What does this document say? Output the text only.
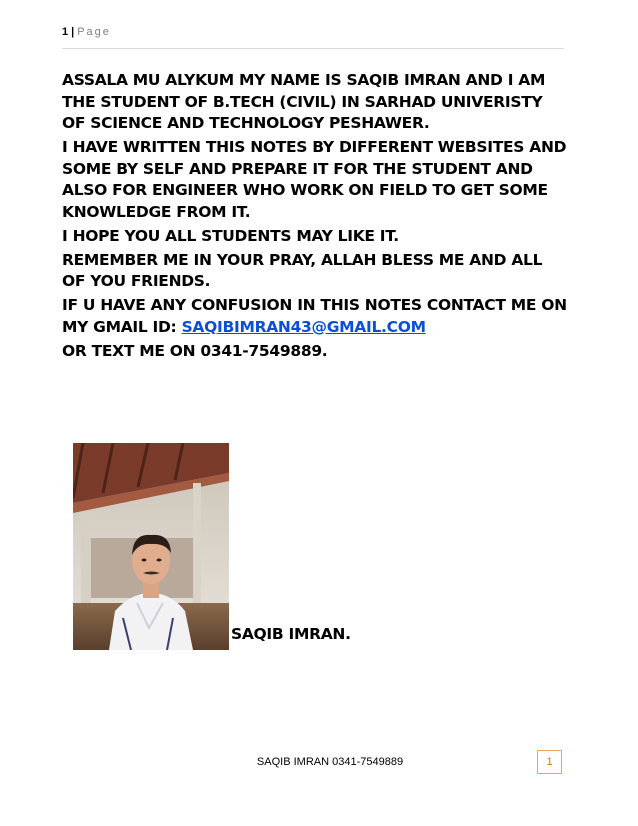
1 | Page

ASSALA MU ALYKUM MY NAME IS SAQIB IMRAN AND I AM THE STUDENT OF B.TECH (CIVIL) IN SARHAD UNIVERISTY OF SCIENCE AND TECHNOLOGY PESHAWER.

I HAVE WRITTEN THIS NOTES BY DIFFERENT WEBSITES AND SOME BY SELF AND PREPARE IT FOR THE STUDENT AND ALSO FOR ENGINEER WHO WORK ON FIELD TO GET SOME KNOWLEDGE FROM IT.

I HOPE YOU ALL STUDENTS MAY LIKE IT.

REMEMBER ME IN YOUR PRAY, ALLAH BLESS ME AND ALL OF YOU FRIENDS.

IF U HAVE ANY CONFUSION IN THIS NOTES CONTACT ME ON MY GMAIL ID: SAQIBIMRAN43@GMAIL.COM

OR TEXT ME ON 0341-7549889.

SAQIB IMRAN.
SAQIB IMRAN 0341-7549889	1
